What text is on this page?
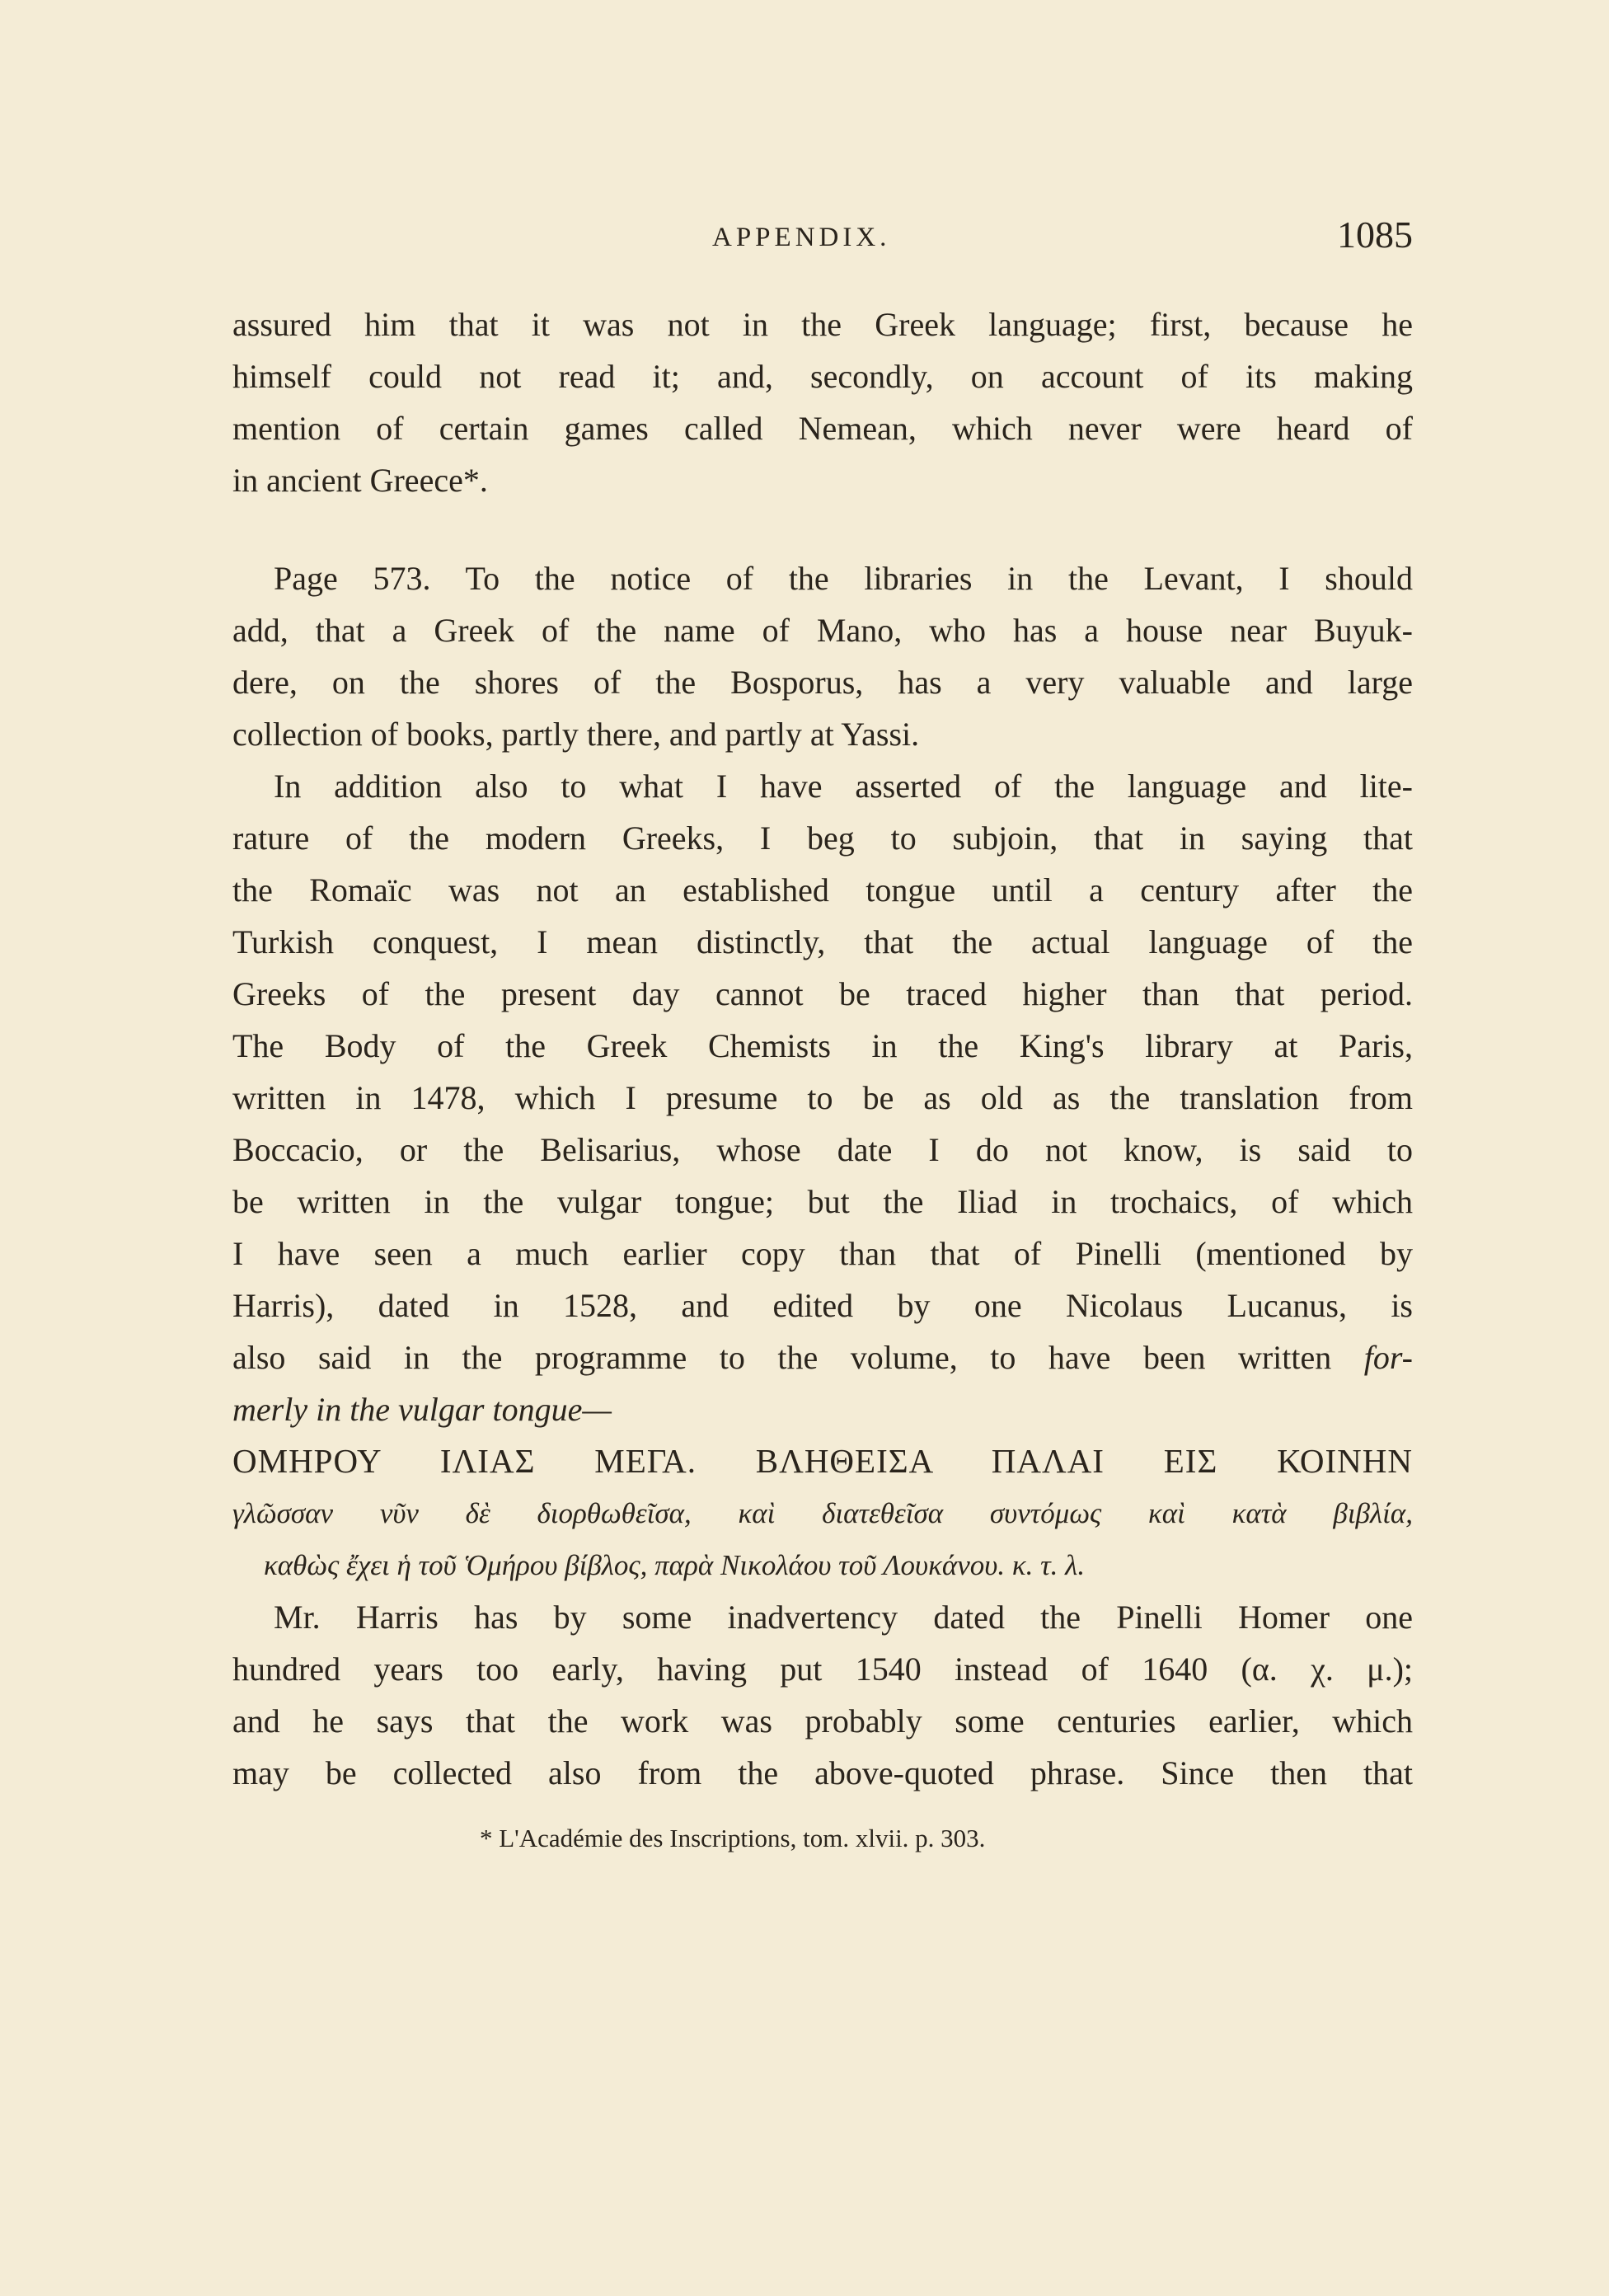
APPENDIX.	1085
assured him that it was not in the Greek language; first, because he
himself could not read it; and, secondly, on account of its making
mention of certain games called Nemean, which never were heard of
in ancient Greece*.
Page 573. To the notice of the libraries in the Levant, I should
add, that a Greek of the name of Mano, who has a house near Buyuk-
dere, on the shores of the Bosporus, has a very valuable and large
collection of books, partly there, and partly at Yassi.
In addition also to what I have asserted of the language and lite-
rature of the modern Greeks, I beg to subjoin, that in saying that
the Romaïc was not an established tongue until a century after the
Turkish conquest, I mean distinctly, that the actual language of the
Greeks of the present day cannot be traced higher than that period.
The Body of the Greek Chemists in the King's library at Paris,
written in 1478, which I presume to be as old as the translation from
Boccacio, or the Belisarius, whose date I do not know, is said to
be written in the vulgar tongue; but the Iliad in trochaics, of which
I have seen a much earlier copy than that of Pinelli (mentioned by
Harris), dated in 1528, and edited by one Nicolaus Lucanus, is
also said in the programme to the volume, to have been written for-
merly in the vulgar tongue—
ΟΜΗΡΟΥ ΙΛΙΑΣ ΜΕΓΑ. ΒΛΗΘΕΙΣΑ ΠΑΛΑΙ ΕΙΣ ΚΟΙΝΗΝ
γλῶσσαν νῦν δὲ διορθωθεῖσα, καὶ διατεθεῖσα συντόμως καὶ κατὰ βιβλία,
καθὼς ἔχει ἡ τοῦ Ὁμήρου βίβλος, παρὰ Νικολάου τοῦ Λουκάνου. κ. τ. λ.
Mr. Harris has by some inadvertency dated the Pinelli Homer one
hundred years too early, having put 1540 instead of 1640 (α. χ. μ.);
and he says that the work was probably some centuries earlier, which
may be collected also from the above-quoted phrase. Since then that
* L'Académie des Inscriptions, tom. xlvii. p. 303.
